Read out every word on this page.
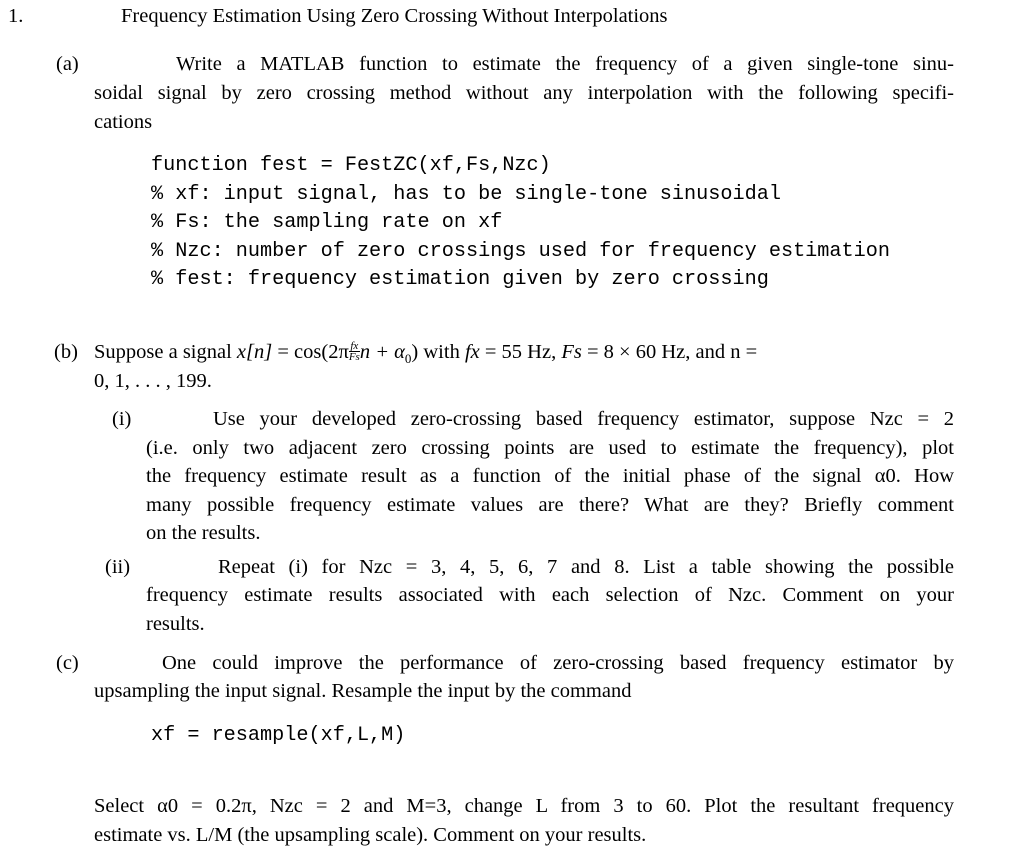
1.	Frequency Estimation Using Zero Crossing Without Interpolations
(a)	Write a MATLAB function to estimate the frequency of a given single-tone sinu-
soidal signal by zero crossing method without any interpolation with the following specifi-
cations
function fest = FestZC(xf,Fs,Nzc)
% xf: input signal, has to be single-tone sinusoidal
% Fs: the sampling rate on xf
% Nzc: number of zero crossings used for frequency estimation
% fest: frequency estimation given by zero crossing
(b) Suppose a signal $x[n] = \cos(2\pi \frac{fx}{Fs}$ $n + \alpha_0$) with fx = 55 Hz, Fs = 8 × 60 Hz, and n =
0, 1, . . . , 199.
(i)	Use your developed zero-crossing based frequency estimator, suppose Nzc = 2
(i.e. only two adjacent zero crossing points are used to estimate the frequency), plot
the frequency estimate result as a function of the initial phase of the signal α0. How
many possible frequency estimate values are there? What are they? Briefly comment
on the results.
(ii)	Repeat (i) for Nzc = 3, 4, 5, 6, 7 and 8. List a table showing the possible
frequency estimate results associated with each selection of Nzc. Comment on your
results.
(c)	One could improve the performance of zero-crossing based frequency estimator by
upsampling the input signal. Resample the input by the command
xf = resample(xf,L,M)
Select α0 = 0.2π, Nzc = 2 and M=3, change L from 3 to 60. Plot the resultant frequency
estimate vs. L/M (the upsampling scale). Comment on your results.
